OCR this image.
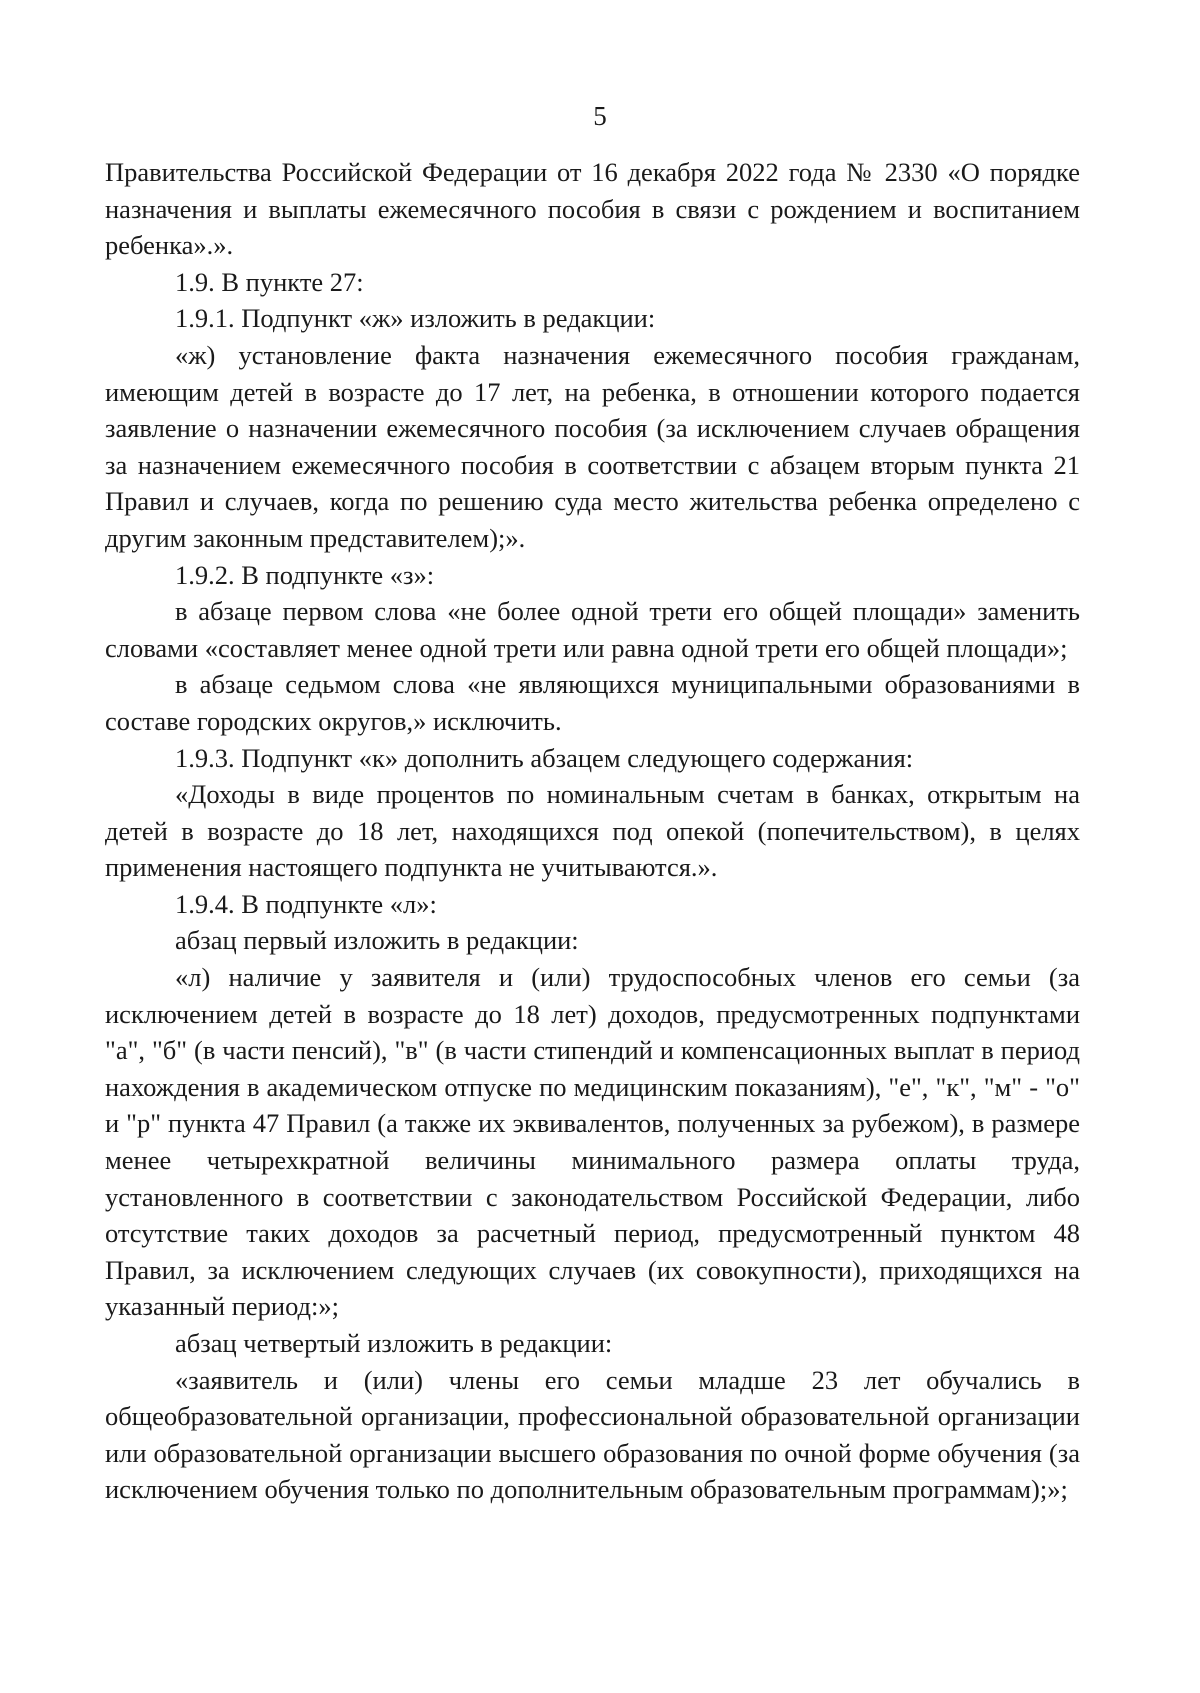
5

Правительства Российской Федерации от 16 декабря 2022 года № 2330 «О порядке назначения и выплаты ежемесячного пособия в связи с рождением и воспитанием ребенка».».

1.9. В пункте 27:

1.9.1. Подпункт «ж» изложить в редакции:

«ж) установление факта назначения ежемесячного пособия гражданам, имеющим детей в возрасте до 17 лет, на ребенка, в отношении которого подается заявление о назначении ежемесячного пособия (за исключением случаев обращения за назначением ежемесячного пособия в соответствии с абзацем вторым пункта 21 Правил и случаев, когда по решению суда место жительства ребенка определено с другим законным представителем);».

1.9.2. В подпункте «з»:

в абзаце первом слова «не более одной трети его общей площади» заменить словами «составляет менее одной трети или равна одной трети его общей площади»;

в абзаце седьмом слова «не являющихся муниципальными образованиями в составе городских округов,» исключить.

1.9.3. Подпункт «к» дополнить абзацем следующего содержания:

«Доходы в виде процентов по номинальным счетам в банках, открытым на детей в возрасте до 18 лет, находящихся под опекой (попечительством), в целях применения настоящего подпункта не учитываются.».

1.9.4. В подпункте «л»:

абзац первый изложить в редакции:

«л) наличие у заявителя и (или) трудоспособных членов его семьи (за исключением детей в возрасте до 18 лет) доходов, предусмотренных подпунктами "а", "б" (в части пенсий), "в" (в части стипендий и компенсационных выплат в период нахождения в академическом отпуске по медицинским показаниям), "е", "к", "м" - "о" и "р" пункта 47 Правил (а также их эквивалентов, полученных за рубежом), в размере менее четырехкратной величины минимального размера оплаты труда, установленного в соответствии с законодательством Российской Федерации, либо отсутствие таких доходов за расчетный период, предусмотренный пунктом 48 Правил, за исключением следующих случаев (их совокупности), приходящихся на указанный период:»;

абзац четвертый изложить в редакции:

«заявитель и (или) члены его семьи младше 23 лет обучались в общеобразовательной организации, профессиональной образовательной организации или образовательной организации высшего образования по очной форме обучения (за исключением обучения только по дополнительным образовательным программам);»;
